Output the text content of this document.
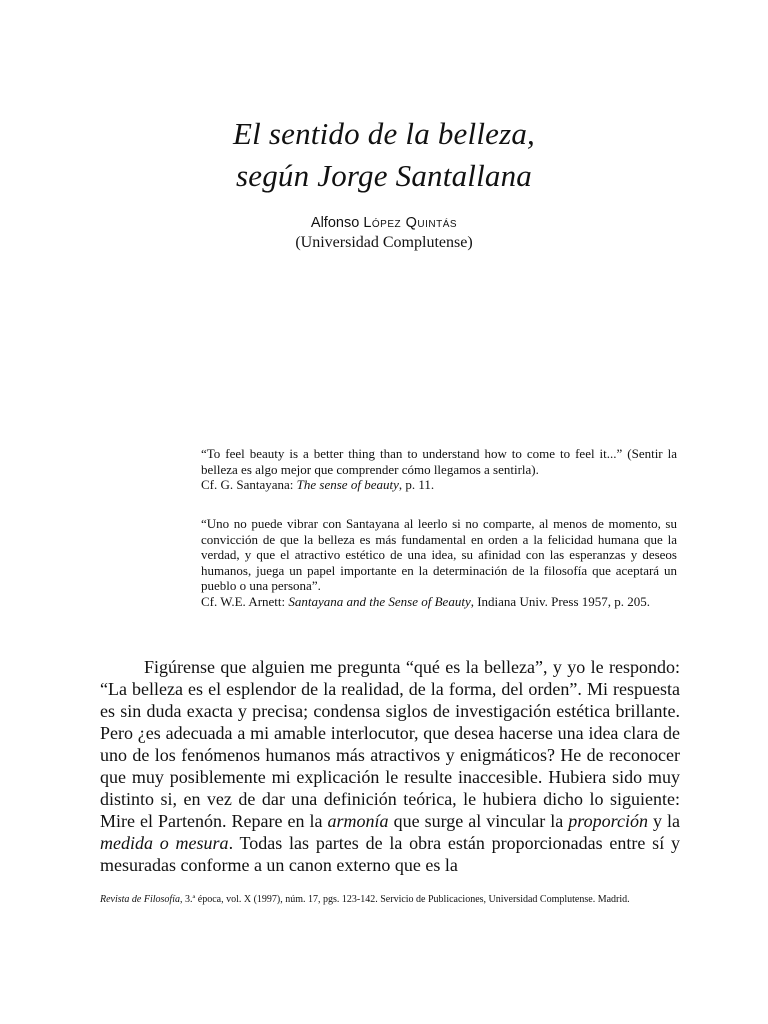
El sentido de la belleza,
según Jorge Santallana
Alfonso López Quintás
(Universidad Complutense)

“To feel beauty is a better thing than to understand how to come to feel it...” (Sentir la belleza es algo mejor que comprender cómo llegamos a sentirla).

Cf. G. Santayana: The sense of beauty, p. 11.

“Uno no puede vibrar con Santayana al leerlo si no comparte, al menos de momento, su convicción de que la belleza es más fundamental en orden a la felicidad humana que la verdad, y que el atractivo estético de una idea, su afinidad con las esperanzas y deseos humanos, juega un papel importante en la determinación de la filosofía que aceptará un pueblo o una persona”.

Cf. W.E. Arnett: Santayana and the Sense of Beauty, Indiana Univ. Press 1957, p. 205.

Figúrense que alguien me pregunta “qué es la belleza”, y yo le respondo: “La belleza es el esplendor de la realidad, de la forma, del orden”. Mi respuesta es sin duda exacta y precisa; condensa siglos de investigación estética brillante. Pero ¿es adecuada a mi amable interlocutor, que desea hacerse una idea clara de uno de los fenómenos humanos más atractivos y enigmáticos? He de reconocer que muy posiblemente mi explicación le resulte inaccesible. Hubiera sido muy distinto si, en vez de dar una definición teórica, le hubiera dicho lo siguiente: Mire el Partenón. Repare en la armonía que surge al vincular la proporción y la medida o mesura. Todas las partes de la obra están proporcionadas entre sí y mesuradas conforme a un canon externo que es la

Revista de Filosofía, 3.ª época, vol. X (1997), núm. 17, pgs. 123-142. Servicio de Publicaciones, Universidad Complutense. Madrid.
